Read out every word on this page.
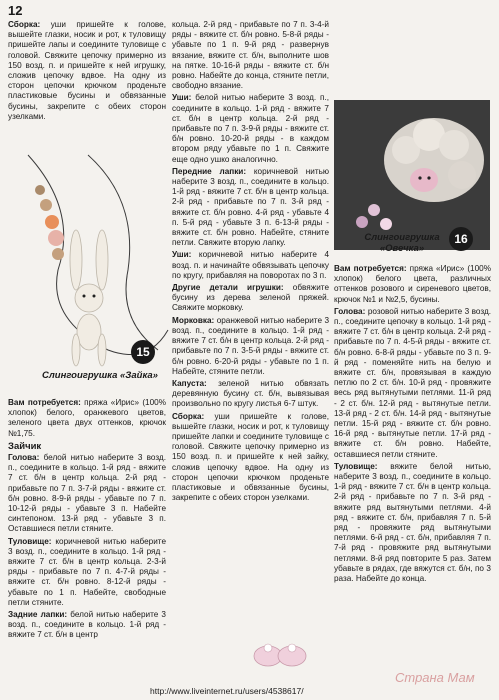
12

Сборка: уши пришейте к голове, вышейте глазки, носик и рот, к туловищу пришейте лапы и соедините туловище с головой. Свяжите цепочку примерно из 150 возд. п. и пришейте к ней игрушку, сложив цепочку вдвое. На одну из сторон цепочки крючком проденьте пластиковые бусины и обвязанные бусины, закрепите с обеих сторон узелками.

15
Слингоигрушка «Зайка»

Вам потребуется: пряжа «Ирис» (100% хлопок) белого, оранжевого цветов, зеленого цвета двух оттенков, крючок №1,75.

Зайчик

Голова: белой нитью наберите 3 возд. п., соедините в кольцо. 1-й ряд - вяжите 7 ст. б/н в центр кольца. 2-й ряд - прибавьте по 7 п. 3-7-й ряды - вяжите ст. б/н ровно. 8-9-й ряды - убавьте по 7 п. 10-12-й ряды - убавьте 3 п. Набейте синтепоном. 13-й ряд - убавьте 3 п. Оставшиеся петли стяните.

Туловище: коричневой нитью наберите 3 возд. п., соедините в кольцо. 1-й ряд - вяжите 7 ст. б/н в центр кольца. 2-3-й ряды - прибавьте по 7 п. 4-7-й ряды - вяжите ст. б/н ровно. 8-12-й ряды - убавьте по 1 п. Набейте, свободные петли стяните.

Задние лапки: белой нитью наберите 3 возд. п., соедините в кольцо. 1-й ряд - вяжите 7 ст. б/н в центр

кольца. 2-й ряд - прибавьте по 7 п. 3-4-й ряды - вяжите ст. б/н ровно. 5-8-й ряды - убавьте по 1 п. 9-й ряд - развернув вязание, вяжите ст. б/н, выполните шов на пятке. 10-16-й ряды - вяжите ст. б/н ровно. Набейте до конца, стяните петли, свободно вязание.

Уши: белой нитью наберите 3 возд. п., соедините в кольцо. 1-й ряд - вяжите 7 ст. б/н в центр кольца. 2-й ряд - прибавьте по 7 п. 3-9-й ряды - вяжите ст. б/н ровно. 10-20-й ряды - в каждом втором ряду убавьте по 1 п. Свяжите еще одно ушко аналогично.

Передние лапки: коричневой нитью наберите 3 возд. п., соедините в кольцо. 1-й ряд - вяжите 7 ст. б/н в центр кольца. 2-й ряд - прибавьте по 7 п. 3-й ряд - вяжите ст. б/н ровно. 4-й ряд - убавьте 4 п. 5-й ряд - убавьте 3 п. 6-13-й ряды - вяжите ст. б/н ровно. Набейте, стяните петли. Свяжите вторую лапку.

Уши: коричневой нитью наберите 4 возд. п. и начинайте обвязывать цепочку по кругу, прибавляя на поворотах по 3 п.

Другие детали игрушки: обвяжите бусину из дерева зеленой пряжей. Свяжите морковку.

Морковка: оранжевой нитью наберите 3 возд. п., соедините в кольцо. 1-й ряд - вяжите 7 ст. б/н в центр кольца. 2-й ряд - прибавьте по 7 п. 3-5-й ряды - вяжите ст. б/н ровно. 6-20-й ряды - убавьте по 1 п. Набейте, стяните петли.

Капуста: зеленой нитью обвязать деревянную бусину ст. б/н, вывязывая произвольно по кругу листья 6-7 штук.

Сборка: уши пришейте к голове, вышейте глазки, носик и рот, к туловищу пришейте лапки и соедините туловище с головой. Свяжите цепочку примерно из 150 возд. п. и пришейте к ней зайку, сложив цепочку вдвое. На одну из сторон цепочки крючком проденьте пластиковые и обвязанные бусины, закрепите с обеих сторон узелками.

16
Слингоигрушка «Овечка»

Вам потребуется: пряжа «Ирис» (100% хлопок) белого цвета, различных оттенков розового и сиреневого цветов, крючок №1 и №2,5, бусины.

Голова: розовой нитью наберите 3 возд. п., соедините цепочку в кольцо. 1-й ряд - вяжите 7 ст. б/н в центр кольца. 2-й ряд - прибавьте по 7 п. 4-5-й ряды - вяжите ст. б/н ровно. 6-8-й ряды - убавьте по 3 п. 9-й ряд - поменяйте нить на белую и вяжите ст. б/н, провязывая в каждую петлю по 2 ст. б/н. 10-й ряд - провяжите весь ряд вытянутыми петлями. 11-й ряд - 2 ст. б/н. 12-й ряд - вытянутые петли. 13-й ряд - 2 ст. б/н. 14-й ряд - вытянутые петли. 15-й ряд - вяжите ст. б/н ровно. 16-й ряд - вытянутые петли. 17-й ряд - вяжите ст. б/н ровно. Набейте, оставшиеся петли стяните.

Туловище: вяжите белой нитью, наберите 3 возд. п., соедините в кольцо. 1-й ряд - вяжите 7 ст. б/н в центр кольца. 2-й ряд - прибавьте по 7 п. 3-й ряд - вяжите ряд вытянутыми петлями. 4-й ряд - вяжите ст. б/н, прибавляя 7 п. 5-й ряд - провяжите ряд вытянутыми петлями. 6-й ряд - ст. б/н, прибавляя 7 п. 7-й ряд - провяжите ряд вытянутыми петлями. 8-й ряд повторите 5 раз. Затем убавьте в рядах, где вяжутся ст. б/н, по 3 раза. Набейте до конца.

http://www.liveinternet.ru/users/4538617/
Страна Мам
